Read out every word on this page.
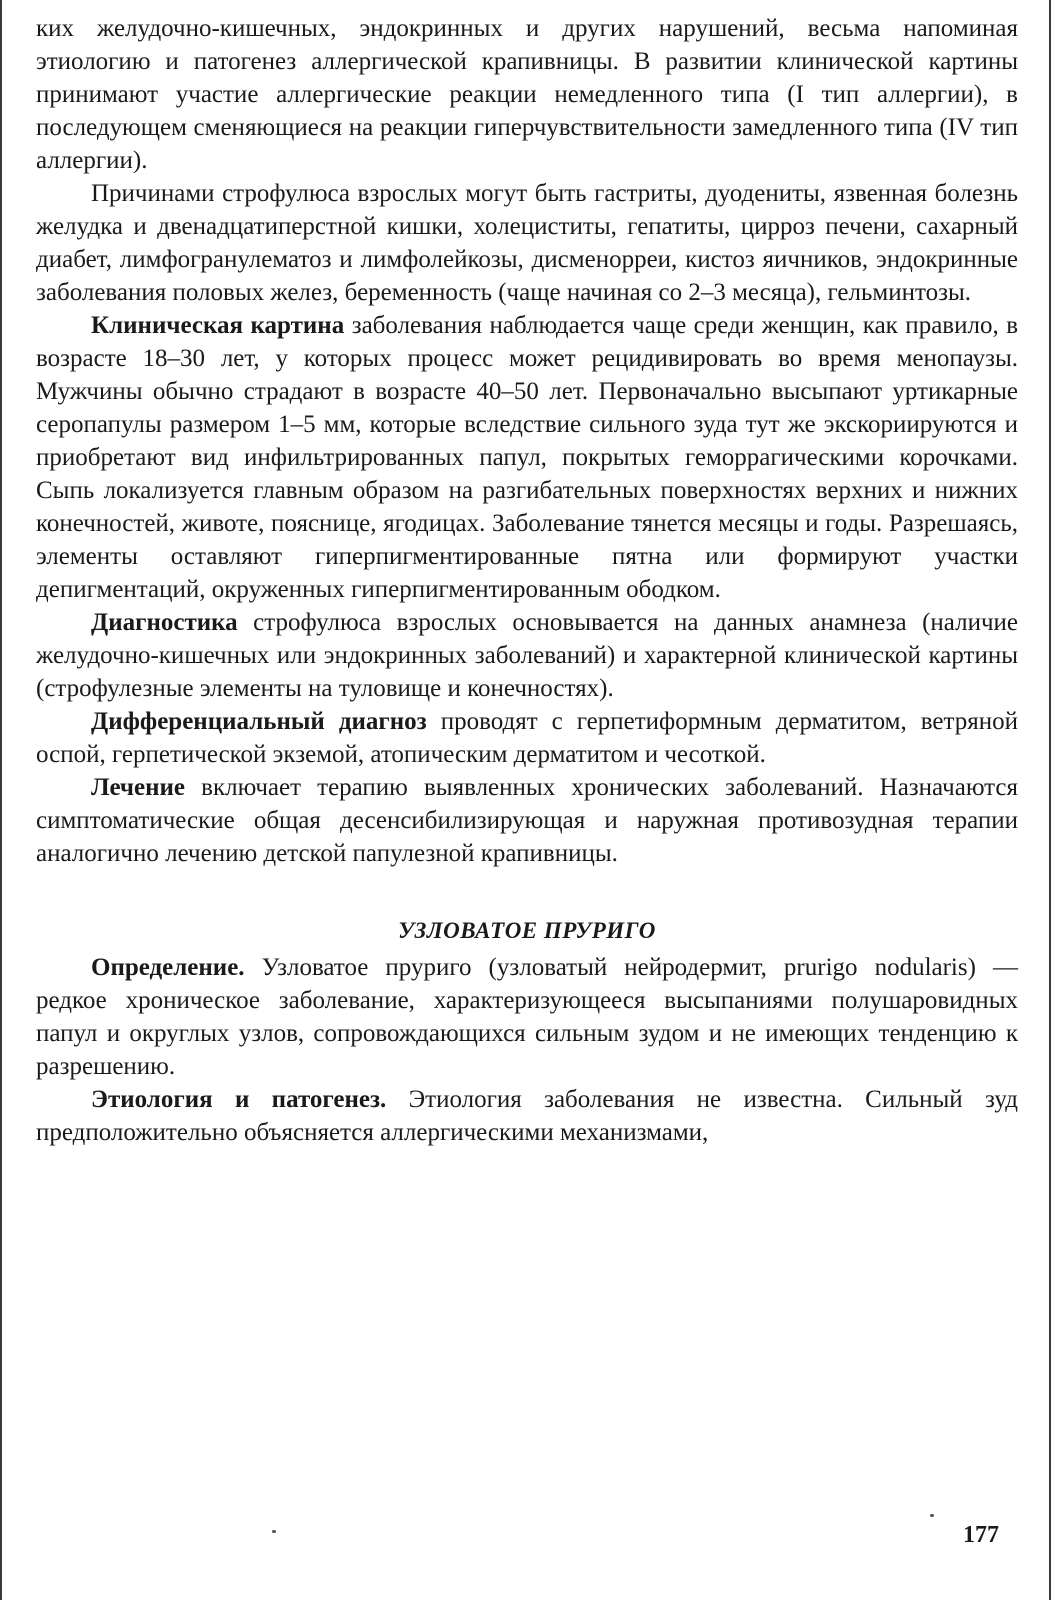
ких желудочно-кишечных, эндокринных и других нарушений, весьма напоминая этиологию и патогенез аллергической крапивницы. В развитии клинической картины принимают участие аллергические реакции немедленного типа (I тип аллергии), в последующем сменяющиеся на реакции гиперчувствительности замедленного типа (IV тип аллергии).

Причинами строфулюса взрослых могут быть гастриты, дуодениты, язвенная болезнь желудка и двенадцатиперстной кишки, холециститы, гепатиты, цирроз печени, сахарный диабет, лимфогранулематоз и лимфолейкозы, дисменорреи, кистоз яичников, эндокринные заболевания половых желез, беременность (чаще начиная со 2–3 месяца), гельминтозы.

Клиническая картина заболевания наблюдается чаще среди женщин, как правило, в возрасте 18–30 лет, у которых процесс может рецидивировать во время менопаузы. Мужчины обычно страдают в возрасте 40–50 лет. Первоначально высыпают уртикарные серопапулы размером 1–5 мм, которые вследствие сильного зуда тут же экскориируются и приобретают вид инфильтрированных папул, покрытых геморрагическими корочками. Сыпь локализуется главным образом на разгибательных поверхностях верхних и нижних конечностей, животе, пояснице, ягодицах. Заболевание тянется месяцы и годы. Разрешаясь, элементы оставляют гиперпигментированные пятна или формируют участки депигментаций, окруженных гиперпигментированным ободком.

Диагностика строфулюса взрослых основывается на данных анамнеза (наличие желудочно-кишечных или эндокринных заболеваний) и характерной клинической картины (строфулезные элементы на туловище и конечностях).

Дифференциальный диагноз проводят с герпетиформным дерматитом, ветряной оспой, герпетической экземой, атопическим дерматитом и чесоткой.

Лечение включает терапию выявленных хронических заболеваний. Назначаются симптоматические общая десенсибилизирующая и наружная противозудная терапии аналогично лечению детской папулезной крапивницы.

УЗЛОВАТОЕ ПРУРИГО

Определение. Узловатое пруриго (узловатый нейродермит, prurigo nodularis) — редкое хроническое заболевание, характеризующееся высыпаниями полушаровидных папул и округлых узлов, сопровождающихся сильным зудом и не имеющих тенденцию к разрешению.

Этиология и патогенез. Этиология заболевания не известна. Сильный зуд предположительно объясняется аллергическими механизмами,

177
